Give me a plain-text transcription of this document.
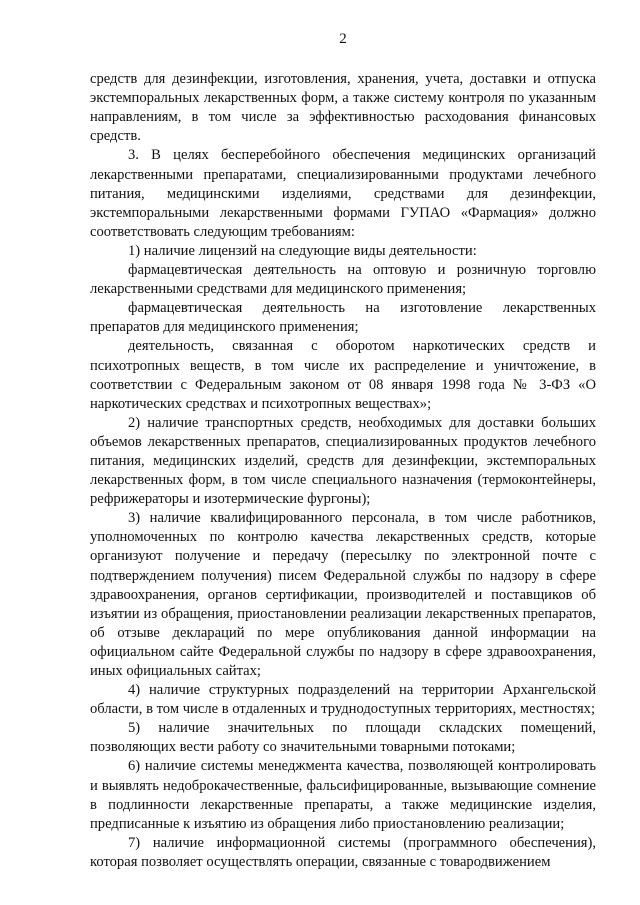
2

средств для дезинфекции, изготовления, хранения, учета, доставки и отпуска экстемпоральных лекарственных форм, а также систему контроля по указанным направлениям, в том числе за эффективностью расходования финансовых средств.

3. В целях бесперебойного обеспечения медицинских организаций лекарственными препаратами, специализированными продуктами лечебного питания, медицинскими изделиями, средствами для дезинфекции, экстемпоральными лекарственными формами ГУПАО «Фармация» должно соответствовать следующим требованиям:

1) наличие лицензий на следующие виды деятельности:

фармацевтическая деятельность на оптовую и розничную торговлю лекарственными средствами для медицинского применения;

фармацевтическая деятельность на изготовление лекарственных препаратов для медицинского применения;

деятельность, связанная с оборотом наркотических средств и психотропных веществ, в том числе их распределение и уничтожение, в соответствии с Федеральным законом от 08 января 1998 года № 3-ФЗ «О наркотических средствах и психотропных веществах»;

2) наличие транспортных средств, необходимых для доставки больших объемов лекарственных препаратов, специализированных продуктов лечебного питания, медицинских изделий, средств для дезинфекции, экстемпоральных лекарственных форм, в том числе специального назначения (термоконтейнеры, рефрижераторы и изотермические фургоны);

3) наличие квалифицированного персонала, в том числе работников, уполномоченных по контролю качества лекарственных средств, которые организуют получение и передачу (пересылку по электронной почте с подтверждением получения) писем Федеральной службы по надзору в сфере здравоохранения, органов сертификации, производителей и поставщиков об изъятии из обращения, приостановлении реализации лекарственных препаратов, об отзыве деклараций по мере опубликования данной информации на официальном сайте Федеральной службы по надзору в сфере здравоохранения, иных официальных сайтах;

4) наличие структурных подразделений на территории Архангельской области, в том числе в отдаленных и труднодоступных территориях, местностях;

5) наличие значительных по площади складских помещений, позволяющих вести работу со значительными товарными потоками;

6) наличие системы менеджмента качества, позволяющей контролировать и выявлять недоброкачественные, фальсифицированные, вызывающие сомнение в подлинности лекарственные препараты, а также медицинские изделия, предписанные к изъятию из обращения либо приостановлению реализации;

7) наличие информационной системы (программного обеспечения), которая позволяет осуществлять операции, связанные с товародвижением
